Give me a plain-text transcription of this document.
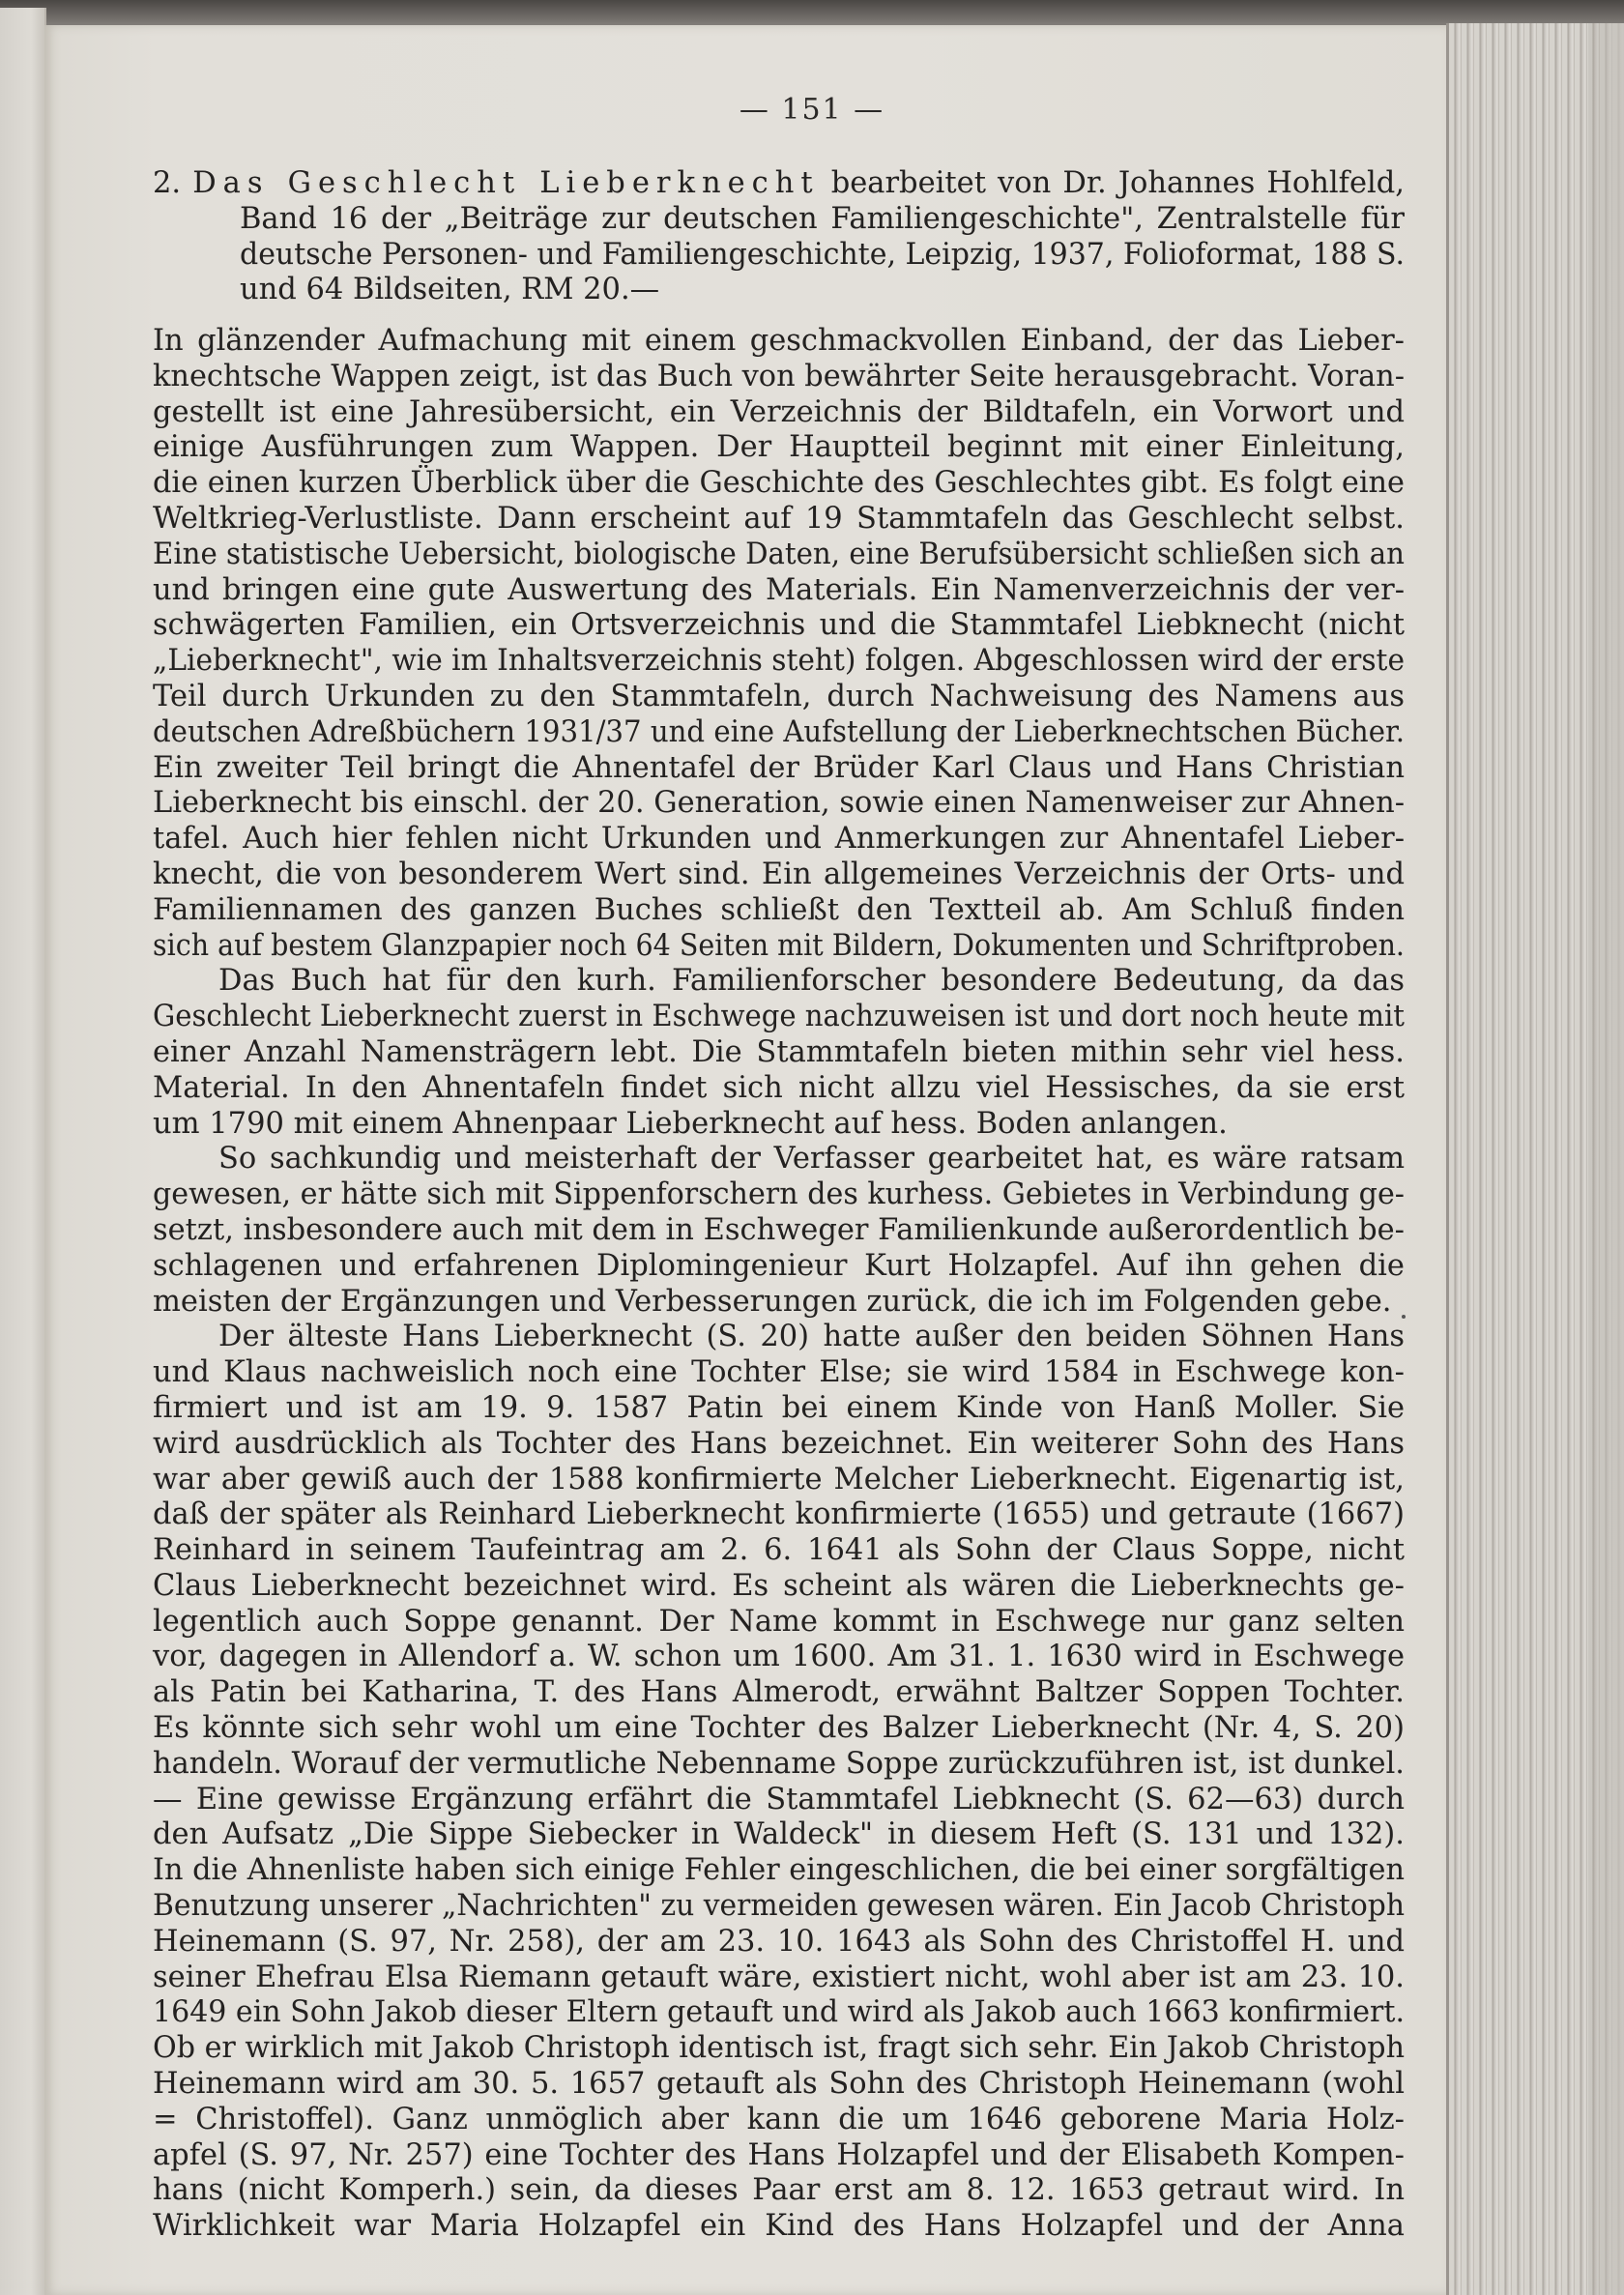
— 151 —
2. Das Geschlecht Lieberknecht bearbeitet von Dr. Johannes Hohlfeld,
Band 16 der „Beiträge zur deutschen Familiengeschichte", Zentralstelle für
deutsche Personen- und Familiengeschichte, Leipzig, 1937, Folioformat, 188 S.
und 64 Bildseiten, RM 20.—
In glänzender Aufmachung mit einem geschmackvollen Einband, der das Lieber-
knechtsche Wappen zeigt, ist das Buch von bewährter Seite herausgebracht. Voran-
gestellt ist eine Jahresübersicht, ein Verzeichnis der Bildtafeln, ein Vorwort und
einige Ausführungen zum Wappen. Der Hauptteil beginnt mit einer Einleitung,
die einen kurzen Überblick über die Geschichte des Geschlechtes gibt. Es folgt eine
Weltkrieg-Verlustliste. Dann erscheint auf 19 Stammtafeln das Geschlecht selbst.
Eine statistische Uebersicht, biologische Daten, eine Berufsübersicht schließen sich an
und bringen eine gute Auswertung des Materials. Ein Namenverzeichnis der ver-
schwägerten Familien, ein Ortsverzeichnis und die Stammtafel Liebknecht (nicht
„Lieberknecht", wie im Inhaltsverzeichnis steht) folgen. Abgeschlossen wird der erste
Teil durch Urkunden zu den Stammtafeln, durch Nachweisung des Namens aus
deutschen Adreßbüchern 1931/37 und eine Aufstellung der Lieberknechtschen Bücher.
Ein zweiter Teil bringt die Ahnentafel der Brüder Karl Claus und Hans Christian
Lieberknecht bis einschl. der 20. Generation, sowie einen Namenweiser zur Ahnen-
tafel. Auch hier fehlen nicht Urkunden und Anmerkungen zur Ahnentafel Lieber-
knecht, die von besonderem Wert sind. Ein allgemeines Verzeichnis der Orts- und
Familiennamen des ganzen Buches schließt den Textteil ab. Am Schluß finden
sich auf bestem Glanzpapier noch 64 Seiten mit Bildern, Dokumenten und Schriftproben.
Das Buch hat für den kurh. Familienforscher besondere Bedeutung, da das
Geschlecht Lieberknecht zuerst in Eschwege nachzuweisen ist und dort noch heute mit
einer Anzahl Namensträgern lebt. Die Stammtafeln bieten mithin sehr viel hess.
Material. In den Ahnentafeln findet sich nicht allzu viel Hessisches, da sie erst
um 1790 mit einem Ahnenpaar Lieberknecht auf hess. Boden anlangen.
So sachkundig und meisterhaft der Verfasser gearbeitet hat, es wäre ratsam
gewesen, er hätte sich mit Sippenforschern des kurhess. Gebietes in Verbindung ge-
setzt, insbesondere auch mit dem in Eschweger Familienkunde außerordentlich be-
schlagenen und erfahrenen Diplomingenieur Kurt Holzapfel. Auf ihn gehen die
meisten der Ergänzungen und Verbesserungen zurück, die ich im Folgenden gebe.
Der älteste Hans Lieberknecht (S. 20) hatte außer den beiden Söhnen Hans
und Klaus nachweislich noch eine Tochter Else; sie wird 1584 in Eschwege kon-
firmiert und ist am 19. 9. 1587 Patin bei einem Kinde von Hanß Moller. Sie
wird ausdrücklich als Tochter des Hans bezeichnet. Ein weiterer Sohn des Hans
war aber gewiß auch der 1588 konfirmierte Melcher Lieberknecht. Eigenartig ist,
daß der später als Reinhard Lieberknecht konfirmierte (1655) und getraute (1667)
Reinhard in seinem Taufeintrag am 2. 6. 1641 als Sohn der Claus Soppe, nicht
Claus Lieberknecht bezeichnet wird. Es scheint als wären die Lieberknechts ge-
legentlich auch Soppe genannt. Der Name kommt in Eschwege nur ganz selten
vor, dagegen in Allendorf a. W. schon um 1600. Am 31. 1. 1630 wird in Eschwege
als Patin bei Katharina, T. des Hans Almerodt, erwähnt Baltzer Soppen Tochter.
Es könnte sich sehr wohl um eine Tochter des Balzer Lieberknecht (Nr. 4, S. 20)
handeln. Worauf der vermutliche Nebenname Soppe zurückzuführen ist, ist dunkel.
— Eine gewisse Ergänzung erfährt die Stammtafel Liebknecht (S. 62—63) durch
den Aufsatz „Die Sippe Siebecker in Waldeck" in diesem Heft (S. 131 und 132).
In die Ahnenliste haben sich einige Fehler eingeschlichen, die bei einer sorgfältigen
Benutzung unserer „Nachrichten" zu vermeiden gewesen wären. Ein Jacob Christoph
Heinemann (S. 97, Nr. 258), der am 23. 10. 1643 als Sohn des Christoffel H. und
seiner Ehefrau Elsa Riemann getauft wäre, existiert nicht, wohl aber ist am 23. 10.
1649 ein Sohn Jakob dieser Eltern getauft und wird als Jakob auch 1663 konfirmiert.
Ob er wirklich mit Jakob Christoph identisch ist, fragt sich sehr. Ein Jakob Christoph
Heinemann wird am 30. 5. 1657 getauft als Sohn des Christoph Heinemann (wohl
= Christoffel). Ganz unmöglich aber kann die um 1646 geborene Maria Holz-
apfel (S. 97, Nr. 257) eine Tochter des Hans Holzapfel und der Elisabeth Kompen-
hans (nicht Komperh.) sein, da dieses Paar erst am 8. 12. 1653 getraut wird. In
Wirklichkeit war Maria Holzapfel ein Kind des Hans Holzapfel und der Anna
